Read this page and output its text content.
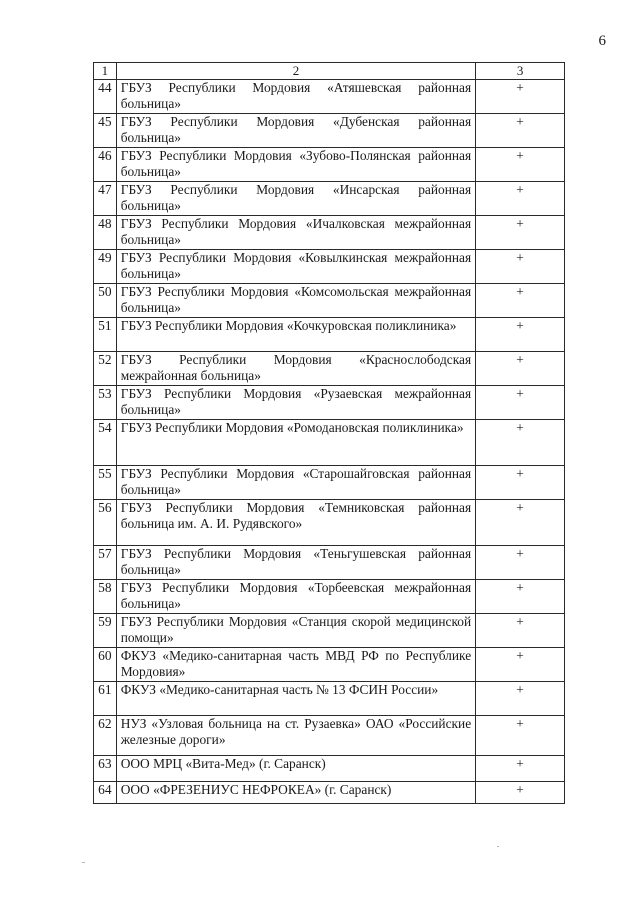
6
1	2	3
44	ГБУЗ Республики Мордовия «Атяшевская районная больница»	+
45	ГБУЗ Республики Мордовия «Дубенская районная больница»	+
46	ГБУЗ Республики Мордовия «Зубово-Полянская районная больница»	+
47	ГБУЗ Республики Мордовия «Инсарская районная больница»	+
48	ГБУЗ Республики Мордовия «Ичалковская межрайонная больница»	+
49	ГБУЗ Республики Мордовия «Ковылкинская межрайонная больница»	+
50	ГБУЗ Республики Мордовия «Комсомольская межрайонная больница»	+
51	ГБУЗ Республики Мордовия «Кочкуровская поликлиника»	+
52	ГБУЗ Республики Мордовия «Краснослободская межрайонная больница»	+
53	ГБУЗ Республики Мордовия «Рузаевская межрайонная больница»	+
54	ГБУЗ Республики Мордовия «Ромодановская поликлиника»	+
55	ГБУЗ Республики Мордовия «Старошайговская районная больница»	+
56	ГБУЗ Республики Мордовия «Темниковская районная больница им. А. И. Рудявского»	+
57	ГБУЗ Республики Мордовия «Теньгушевская районная больница»	+
58	ГБУЗ Республики Мордовия «Торбеевская межрайонная больница»	+
59	ГБУЗ Республики Мордовия «Станция скорой медицинской помощи»	+
60	ФКУЗ «Медико-санитарная часть МВД РФ по Республике Мордовия»	+
61	ФКУЗ «Медико-санитарная часть № 13 ФСИН России»	+
62	НУЗ «Узловая больница на ст. Рузаевка» ОАО «Российские железные дороги»	+
63	ООО МРЦ «Вита-Мед» (г. Саранск)	+
64	ООО «ФРЕЗЕНИУС НЕФРОКЕА» (г. Саранск)	+
